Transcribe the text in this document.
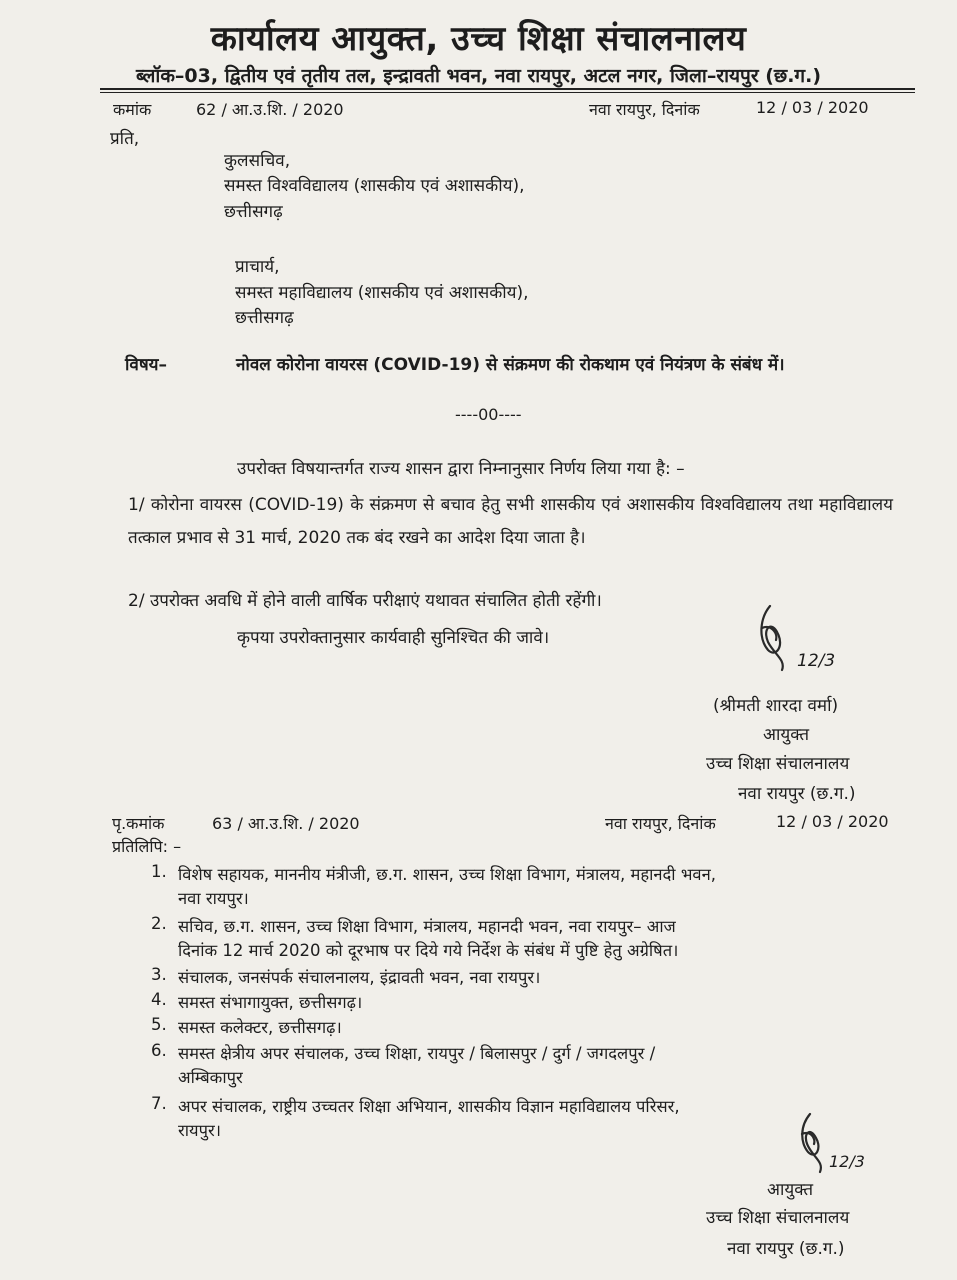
कार्यालय आयुक्त, उच्च शिक्षा संचालनालय
ब्लॉक–03, द्वितीय एवं तृतीय तल, इन्द्रावती भवन, नवा रायपुर, अटल नगर, जिला–रायपुर (छ.ग.)
कमांक	62 / आ.उ.शि. / 2020	नवा रायपुर, दिनांक	12 / 03 / 2020
प्रति,
कुलसचिव,
समस्त विश्वविद्यालय (शासकीय एवं अशासकीय),
छत्तीसगढ़
प्राचार्य,
समस्त महाविद्यालय (शासकीय एवं अशासकीय),
छत्तीसगढ़
विषय–	नोवल कोरोना वायरस (COVID-19) से संक्रमण की रोकथाम एवं नियंत्रण के संबंध में।
----00----
उपरोक्त विषयान्तर्गत राज्य शासन द्वारा निम्नानुसार निर्णय लिया गया है: –
1/ कोरोना वायरस (COVID-19) के संक्रमण से बचाव हेतु सभी शासकीय एवं अशासकीय विश्वविद्यालय तथा महाविद्यालय तत्काल प्रभाव से 31 मार्च, 2020 तक बंद रखने का आदेश दिया जाता है।
2/ उपरोक्त अवधि में होने वाली वार्षिक परीक्षाएं यथावत संचालित होती रहेंगी।
कृपया उपरोक्तानुसार कार्यवाही सुनिश्चित की जावे।
12/3
(श्रीमती शारदा वर्मा)
आयुक्त
उच्च शिक्षा संचालनालय
नवा रायपुर (छ.ग.)
पृ.कमांक	63 / आ.उ.शि. / 2020	नवा रायपुर, दिनांक	12 / 03 / 2020
प्रतिलिपि: –
1. विशेष सहायक, माननीय मंत्रीजी, छ.ग. शासन, उच्च शिक्षा विभाग, मंत्रालय, महानदी भवन,
नवा रायपुर।
2. सचिव, छ.ग. शासन, उच्च शिक्षा विभाग, मंत्रालय, महानदी भवन, नवा रायपुर– आज
दिनांक 12 मार्च 2020 को दूरभाष पर दिये गये निर्देश के संबंध में पुष्टि हेतु अग्रेषित।
3. संचालक, जनसंपर्क संचालनालय, इंद्रावती भवन, नवा रायपुर।
4. समस्त संभागायुक्त, छत्तीसगढ़।
5. समस्त कलेक्टर, छत्तीसगढ़।
6. समस्त क्षेत्रीय अपर संचालक, उच्च शिक्षा, रायपुर / बिलासपुर / दुर्ग / जगदलपुर /
अम्बिकापुर
7. अपर संचालक, राष्ट्रीय उच्चतर शिक्षा अभियान, शासकीय विज्ञान महाविद्यालय परिसर,
रायपुर।
12/3
आयुक्त
उच्च शिक्षा संचालनालय
नवा रायपुर (छ.ग.)
